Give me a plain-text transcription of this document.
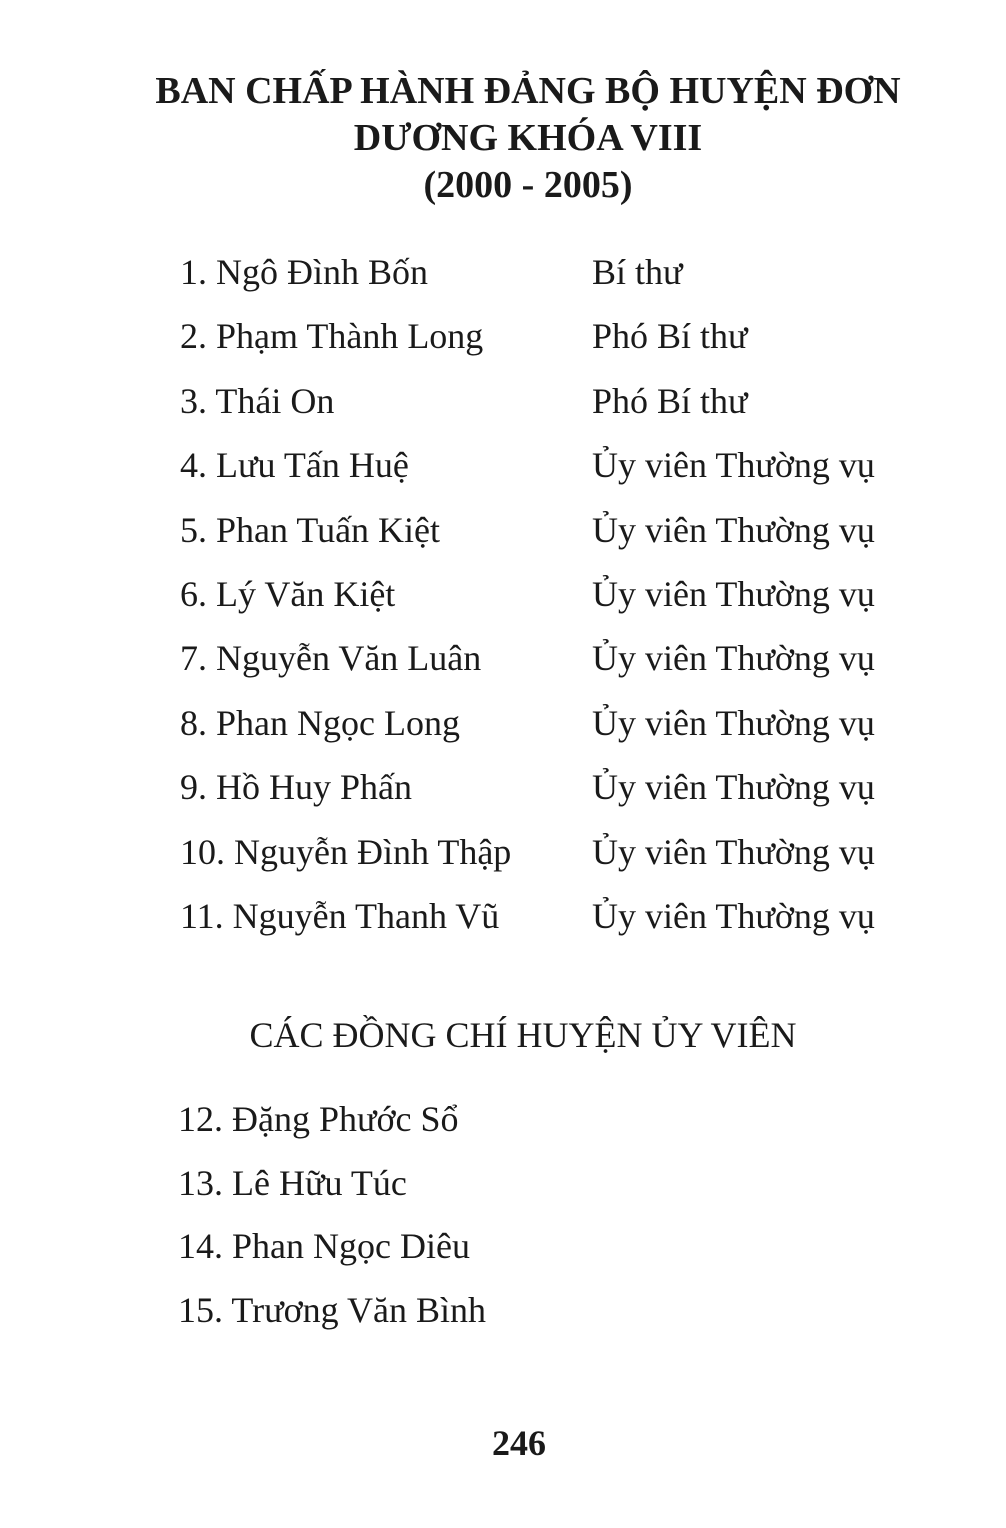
BAN CHẤP HÀNH ĐẢNG BỘ HUYỆN ĐƠN
DƯƠNG KHÓA VIII
(2000 - 2005)
1. Ngô Đình Bốn	Bí thư
2. Phạm Thành Long	Phó Bí thư
3. Thái On	Phó Bí thư
4. Lưu Tấn Huệ	Ủy viên Thường vụ
5. Phan Tuấn Kiệt	Ủy viên Thường vụ
6. Lý Văn Kiệt	Ủy viên Thường vụ
7. Nguyễn Văn Luân	Ủy viên Thường vụ
8. Phan Ngọc Long	Ủy viên Thường vụ
9. Hồ Huy Phấn	Ủy viên Thường vụ
10. Nguyễn Đình Thập Ủy viên Thường vụ
11. Nguyễn Thanh Vũ	Ủy viên Thường vụ
CÁC ĐỒNG CHÍ HUYỆN ỦY VIÊN
12. Đặng Phước Sổ
13. Lê Hữu Túc
14. Phan Ngọc Diêu
15. Trương Văn Bình
246
